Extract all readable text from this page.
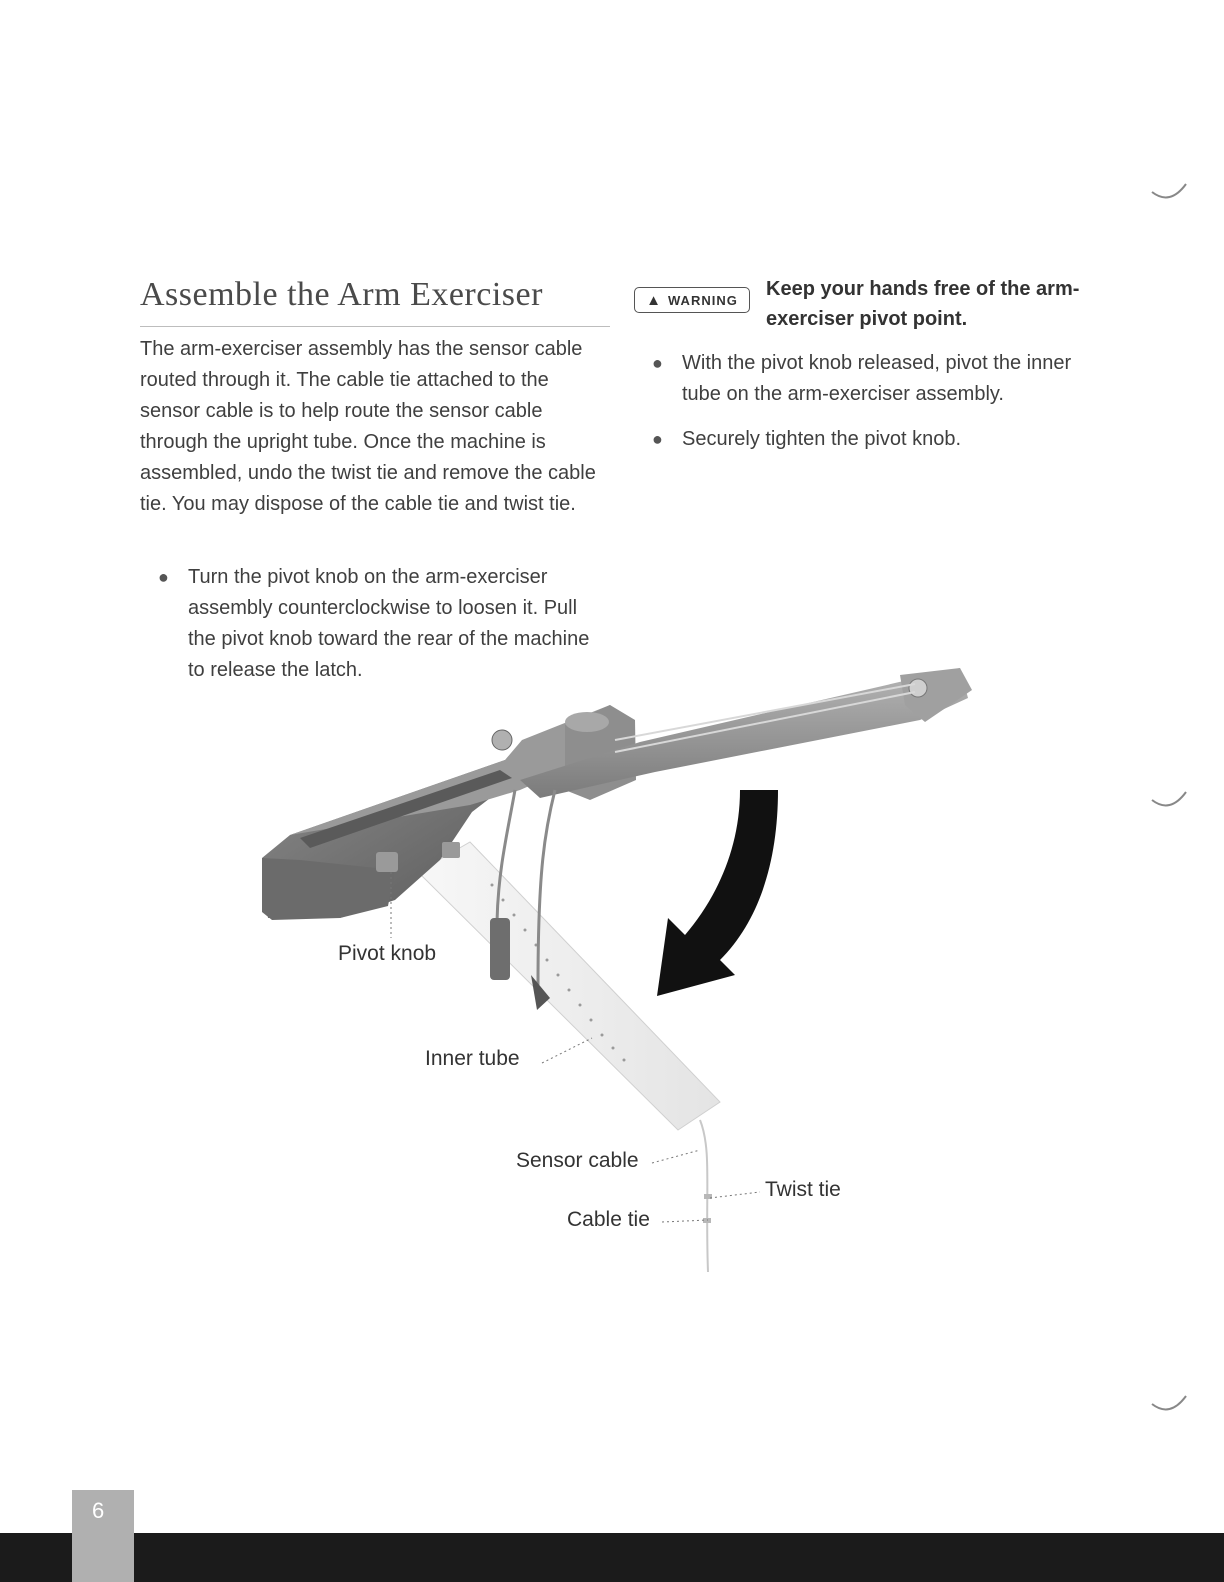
Assemble the Arm Exerciser

The arm-exerciser assembly has the sensor cable routed through it. The cable tie attached to the sensor cable is to help route the sensor cable through the upright tube. Once the machine is assembled, undo the twist tie and remove the cable tie. You may dispose of the cable tie and twist tie.

● Turn the pivot knob on the arm-exerciser assembly counterclockwise to loosen it. Pull the pivot knob toward the rear of the machine to release the latch.
▲ WARNING Keep your hands free of the arm-exerciser pivot point.

● With the pivot knob released, pivot the inner tube on the arm-exerciser assembly.
● Securely tighten the pivot knob.
Pivot knob
Inner tube
Sensor cable
Twist tie
Cable tie
6
